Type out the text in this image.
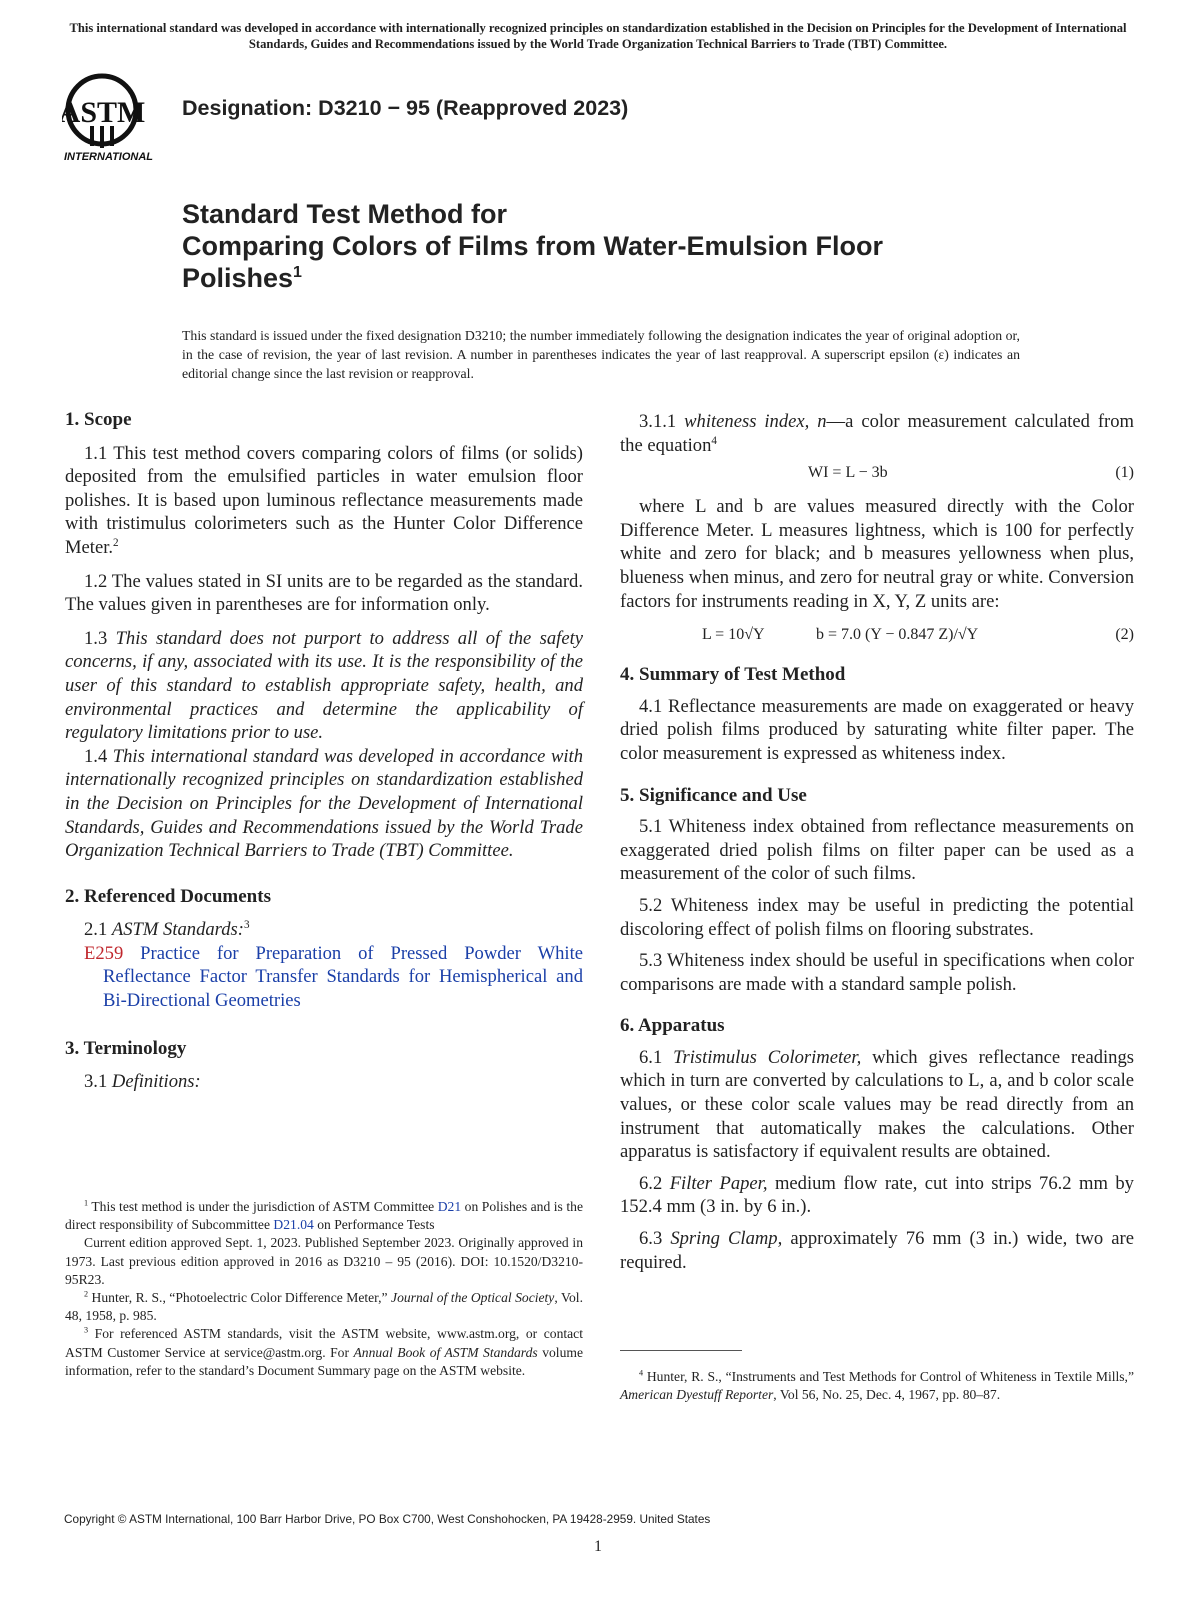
This international standard was developed in accordance with internationally recognized principles on standardization established in the Decision on Principles for the Development of International Standards, Guides and Recommendations issued by the World Trade Organization Technical Barriers to Trade (TBT) Committee.
ASTM
INTERNATIONAL
Designation: D3210 − 95 (Reapproved 2023)
Standard Test Method for
Comparing Colors of Films from Water-Emulsion Floor
Polishes$^1$
This standard is issued under the fixed designation D3210; the number immediately following the designation indicates the year of original adoption or, in the case of revision, the year of last revision. A number in parentheses indicates the year of last reapproval. A superscript epsilon (ε) indicates an editorial change since the last revision or reapproval.
1. Scope

1.1 This test method covers comparing colors of films (or solids) deposited from the emulsified particles in water emulsion floor polishes. It is based upon luminous reflectance measurements made with tristimulus colorimeters such as the Hunter Color Difference Meter.$^2$

1.2 The values stated in SI units are to be regarded as the standard. The values given in parentheses are for information only.

1.3 This standard does not purport to address all of the safety concerns, if any, associated with its use. It is the responsibility of the user of this standard to establish appropriate safety, health, and environmental practices and determine the applicability of regulatory limitations prior to use.

1.4 This international standard was developed in accordance with internationally recognized principles on standardization established in the Decision on Principles for the Development of International Standards, Guides and Recommendations issued by the World Trade Organization Technical Barriers to Trade (TBT) Committee.

2. Referenced Documents

2.1 ASTM Standards:$^3$

E259 Practice for Preparation of Pressed Powder White Reflectance Factor Transfer Standards for Hemispherical and Bi-Directional Geometries

3. Terminology

3.1 Definitions:

$^1$ This test method is under the jurisdiction of ASTM Committee D21 on Polishes and is the direct responsibility of Subcommittee D21.04 on Performance Tests

Current edition approved Sept. 1, 2023. Published September 2023. Originally approved in 1973. Last previous edition approved in 2016 as D3210 – 95 (2016). DOI: 10.1520/D3210-95R23.

$^2$ Hunter, R. S., “Photoelectric Color Difference Meter,” Journal of the Optical Society, Vol. 48, 1958, p. 985.

$^3$ For referenced ASTM standards, visit the ASTM website, www.astm.org, or contact ASTM Customer Service at service@astm.org. For Annual Book of ASTM Standards volume information, refer to the standard’s Document Summary page on the ASTM website.

3.1.1 whiteness index, n—a color measurement calculated from the equation$^4$

WI = L − 3b	(1)

where L and b are values measured directly with the Color Difference Meter. L measures lightness, which is 100 for perfectly white and zero for black; and b measures yellowness when plus, blueness when minus, and zero for neutral gray or white. Conversion factors for instruments reading in X, Y, Z units are:

L = 10√Y	b = 7.0 (Y − 0.847 Z)/√Y	(2)
4. Summary of Test Method

4.1 Reflectance measurements are made on exaggerated or heavy dried polish films produced by saturating white filter paper. The color measurement is expressed as whiteness index.

5. Significance and Use

5.1 Whiteness index obtained from reflectance measurements on exaggerated dried polish films on filter paper can be used as a measurement of the color of such films.

5.2 Whiteness index may be useful in predicting the potential discoloring effect of polish films on flooring substrates.

5.3 Whiteness index should be useful in specifications when color comparisons are made with a standard sample polish.

6. Apparatus

6.1 Tristimulus Colorimeter, which gives reflectance readings which in turn are converted by calculations to L, a, and b color scale values, or these color scale values may be read directly from an instrument that automatically makes the calculations. Other apparatus is satisfactory if equivalent results are obtained.

6.2 Filter Paper, medium flow rate, cut into strips 76.2 mm by 152.4 mm (3 in. by 6 in.).

6.3 Spring Clamp, approximately 76 mm (3 in.) wide, two are required.

$^4$ Hunter, R. S., “Instruments and Test Methods for Control of Whiteness in Textile Mills,” American Dyestuff Reporter, Vol 56, No. 25, Dec. 4, 1967, pp. 80–87.

Copyright © ASTM International, 100 Barr Harbor Drive, PO Box C700, West Conshohocken, PA 19428-2959. United States
1
